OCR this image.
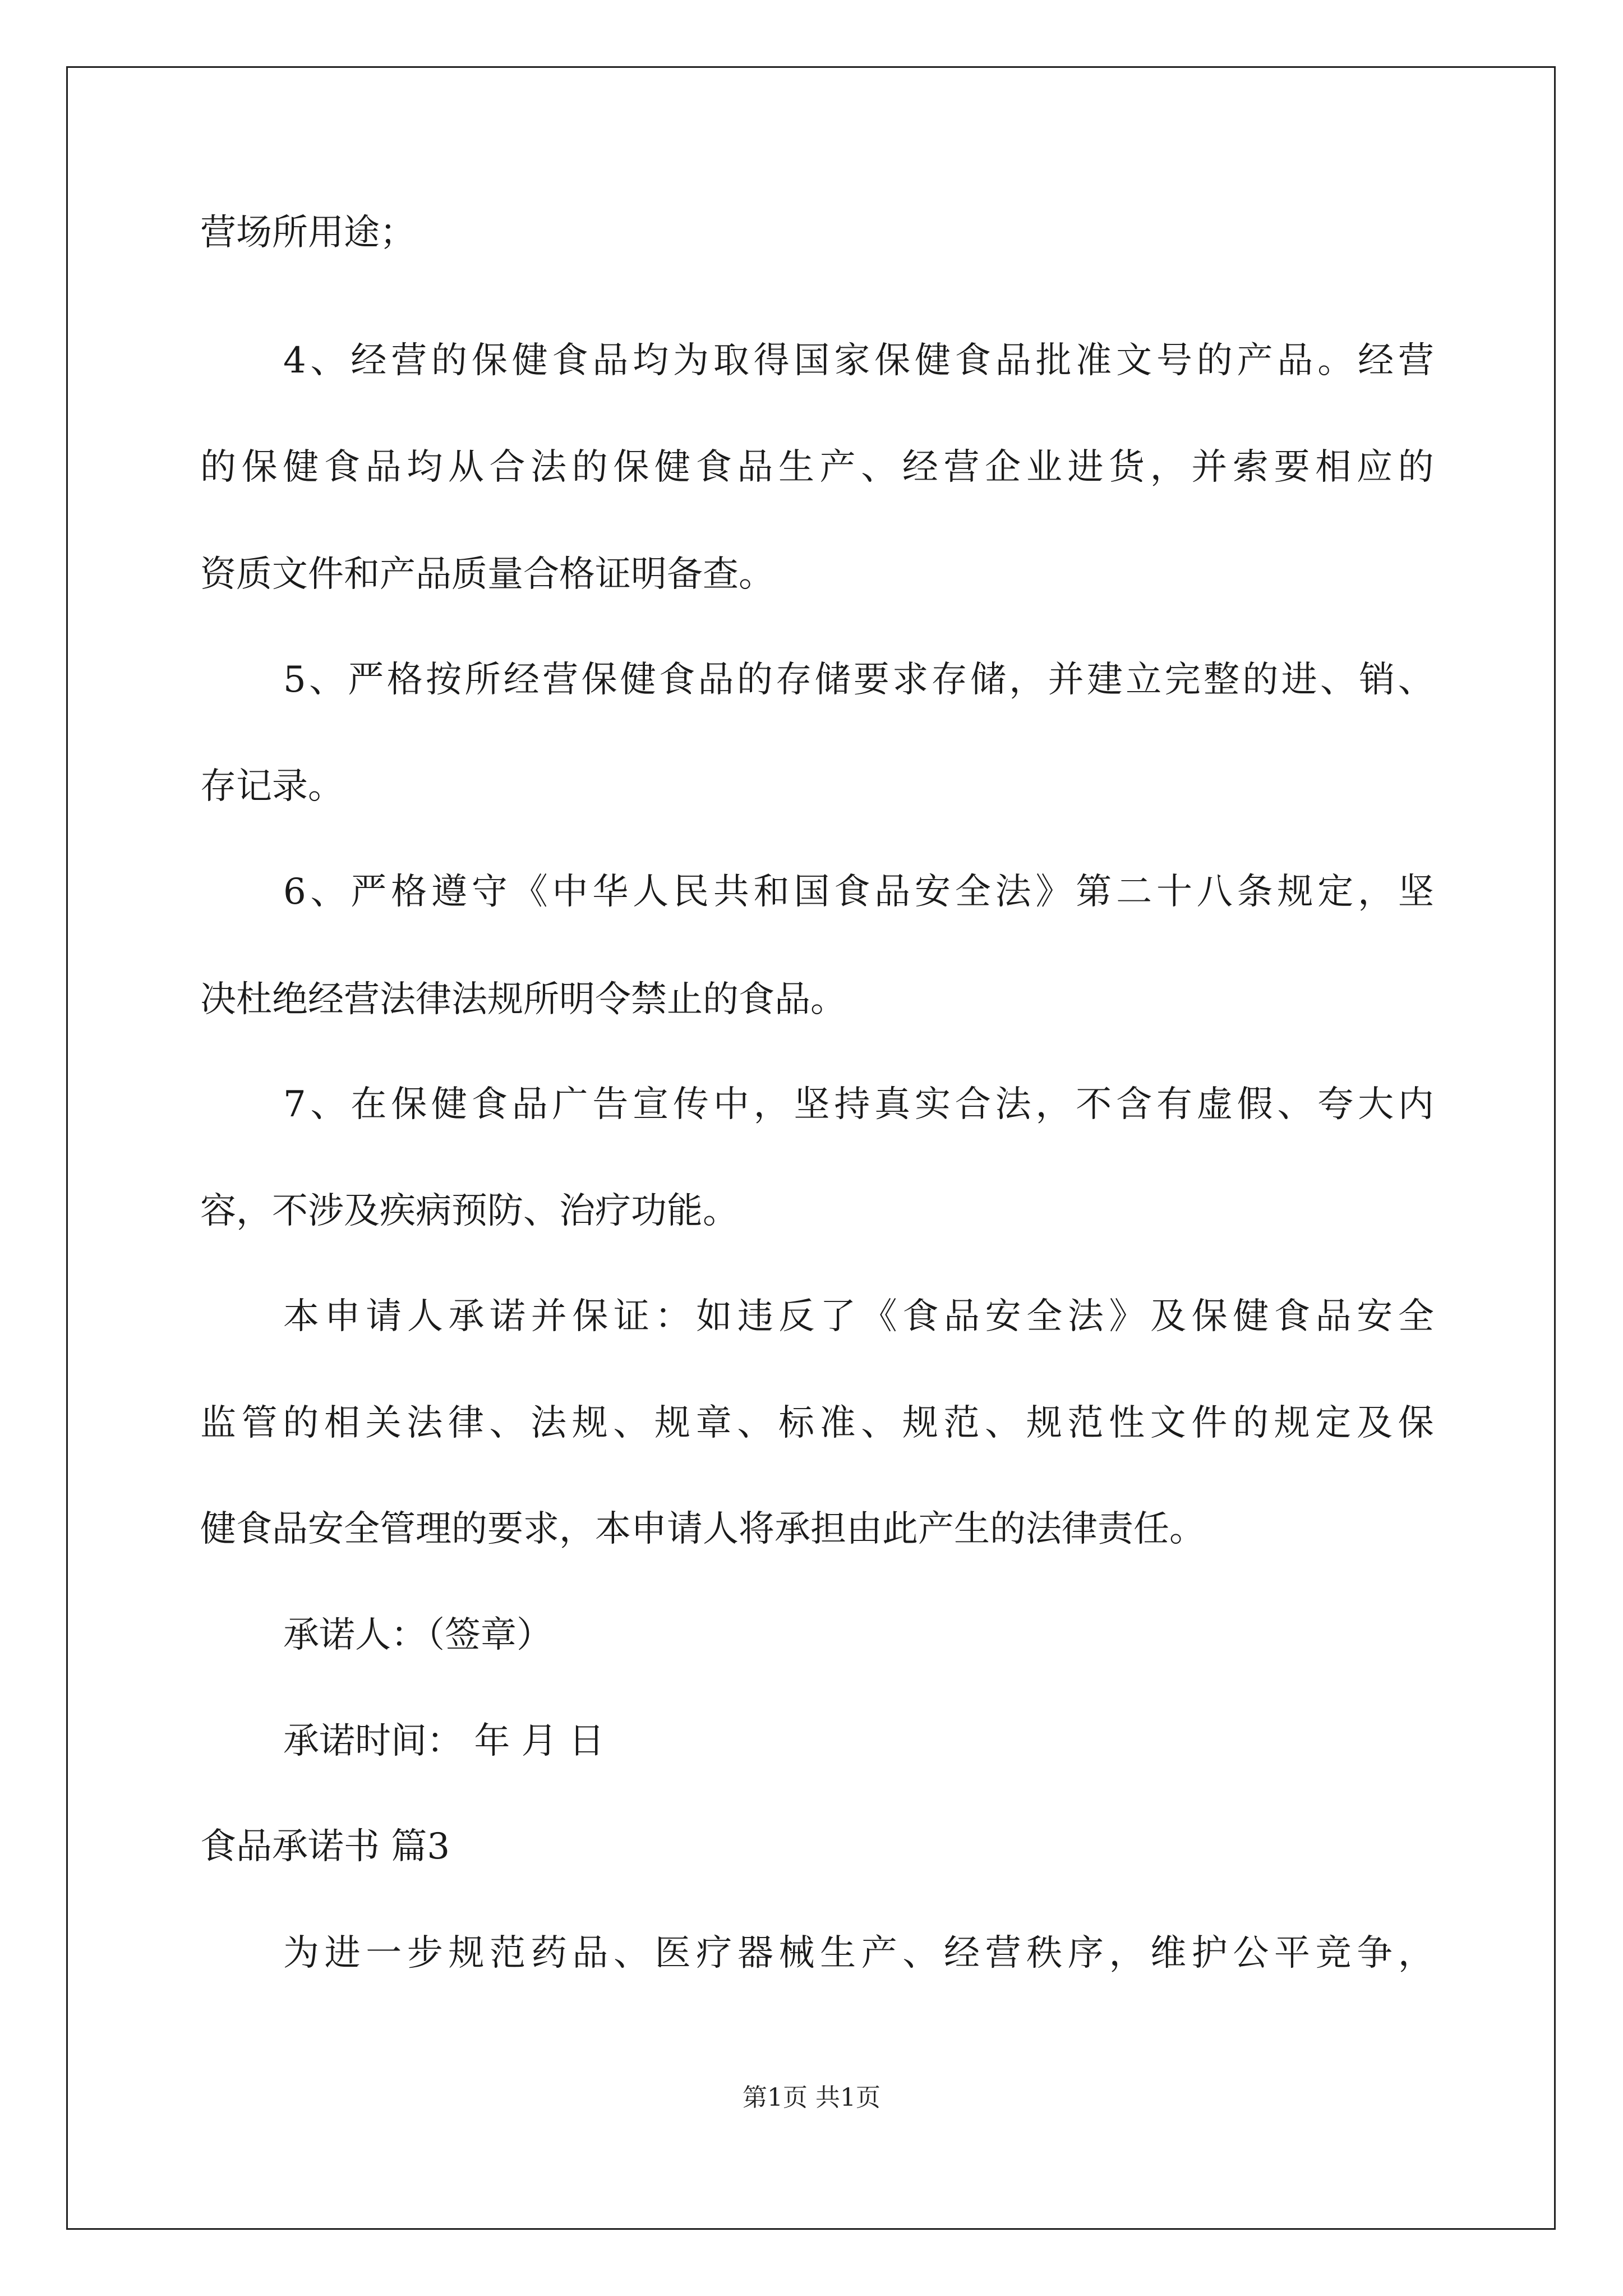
营场所用途；
4 、 经 营 的 保 健 食 品 均 为 取 得 国 家 保 健 食 品 批 准 文 号 的 产 品 。 经 营
的 保 健 食 品 均 从 合 法 的 保 健 食 品 生 产 、 经 营 企 业 进 货 ， 并 索 要 相 应 的
资质文件和产品质量合格证明备查。
5 、 严 格 按 所 经 营 保 健 食 品 的 存 储 要 求 存 储 ， 并 建 立 完 整 的 进 、 销 、
存记录。
6 、 严 格 遵 守 《 中 华 人 民 共 和 国 食 品 安 全 法 》 第 二 十 八 条 规 定 ， 坚
决杜绝经营法律法规所明令禁止的食品。
7 、 在 保 健 食 品 广 告 宣 传 中 ， 坚 持 真 实 合 法 ， 不 含 有 虚 假 、 夸 大 内
容，不涉及疾病预防、治疗功能。
本 申 请 人 承 诺 并 保 证 ： 如 违 反 了 《 食 品 安 全 法 》 及 保 健 食 品 安 全
监 管 的 相 关 法 律 、 法 规 、 规 章 、 标 准 、 规 范 、 规 范 性 文 件 的 规 定 及 保
健食品安全管理的要求，本申请人将承担由此产生的法律责任。
承诺人：（签章）
承诺时间： 年 月 日
食品承诺书 篇3
为 进 一 步 规 范 药 品 、 医 疗 器 械 生 产 、 经 营 秩 序 ， 维 护 公 平 竞 争 ，
第1页 共1页
